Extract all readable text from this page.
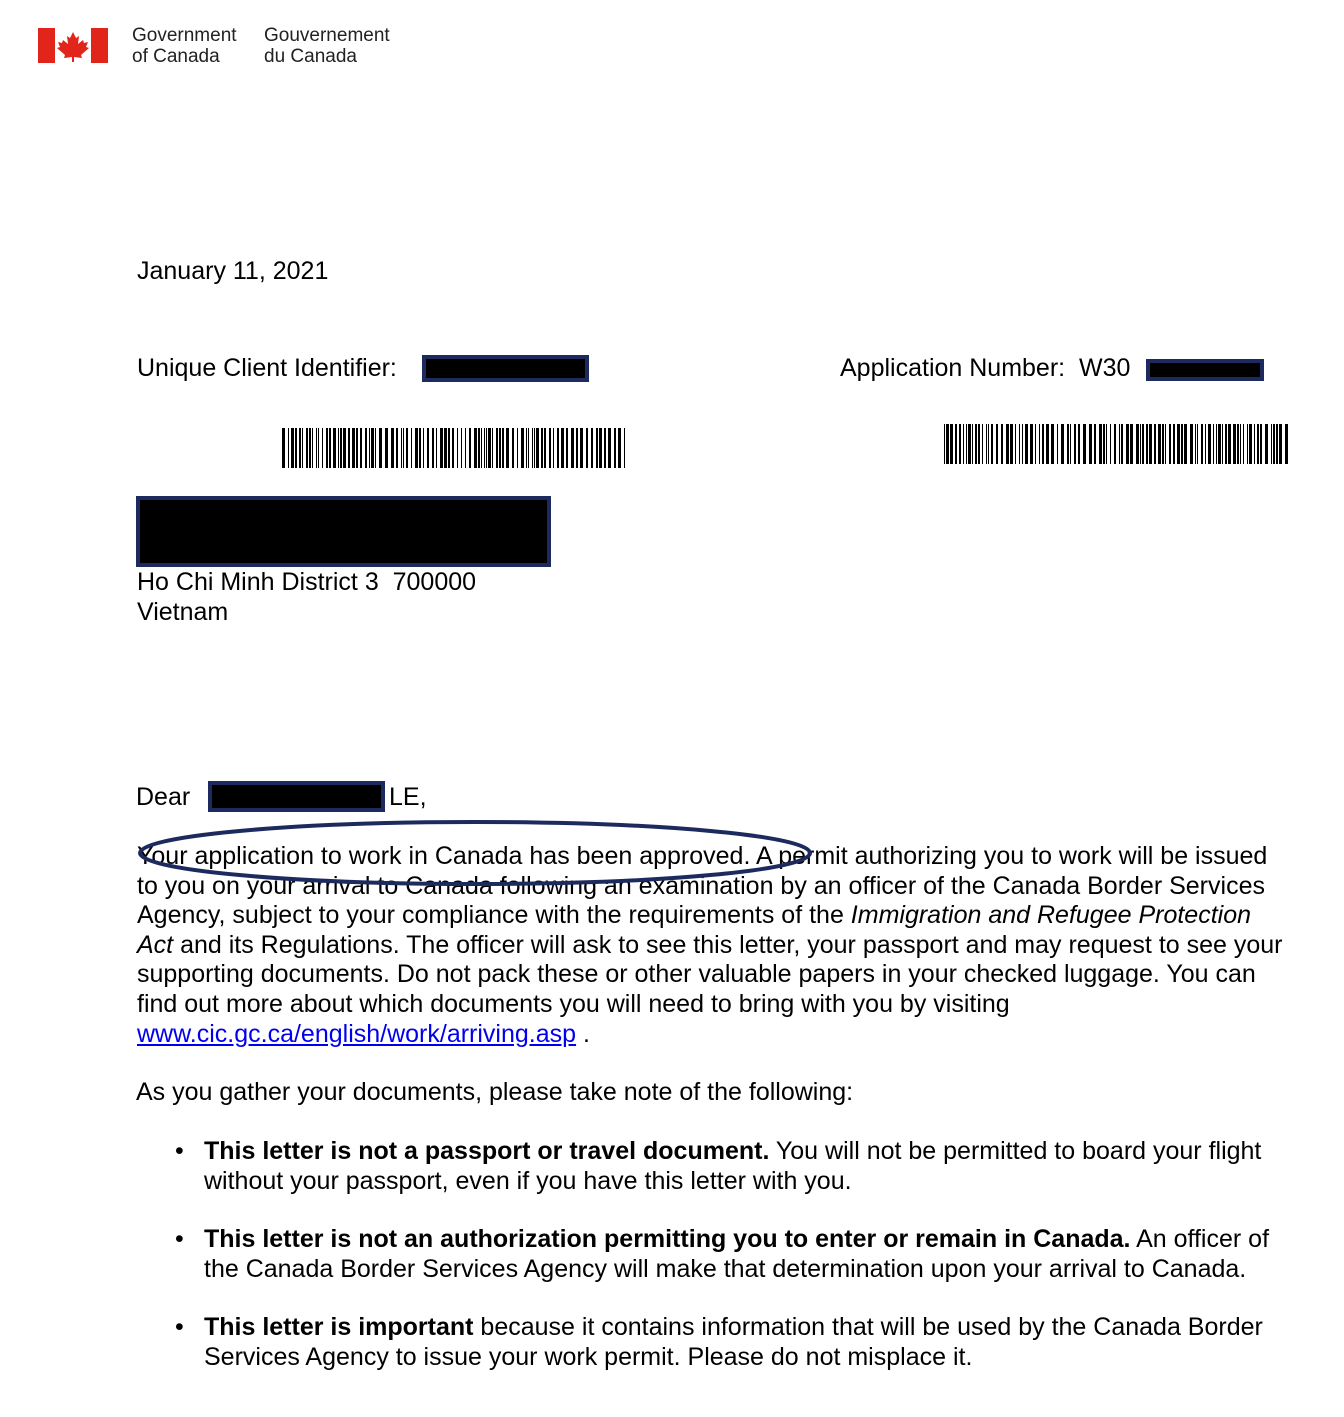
Government
of Canada
Gouvernement
du Canada
January 11, 2021
Unique Client Identifier:	Application Number: W30
Ho Chi Minh District 3  700000
Vietnam
Dear	LE,

Your application to work in Canada has been approved. A permit authorizing you to work will be issued to you on your arrival to Canada following an examination by an officer of the Canada Border Services Agency, subject to your compliance with the requirements of the Immigration and Refugee Protection Act and its Regulations. The officer will ask to see this letter, your passport and may request to see your supporting documents. Do not pack these or other valuable papers in your checked luggage. You can find out more about which documents you will need to bring with you by visiting www.cic.gc.ca/english/work/arriving.asp .

As you gather your documents, please take note of the following:
• This letter is not a passport or travel document. You will not be permitted to board your flight without your passport, even if you have this letter with you.
• This letter is not an authorization permitting you to enter or remain in Canada. An officer of the Canada Border Services Agency will make that determination upon your arrival to Canada.
• This letter is important because it contains information that will be used by the Canada Border Services Agency to issue your work permit. Please do not misplace it.
